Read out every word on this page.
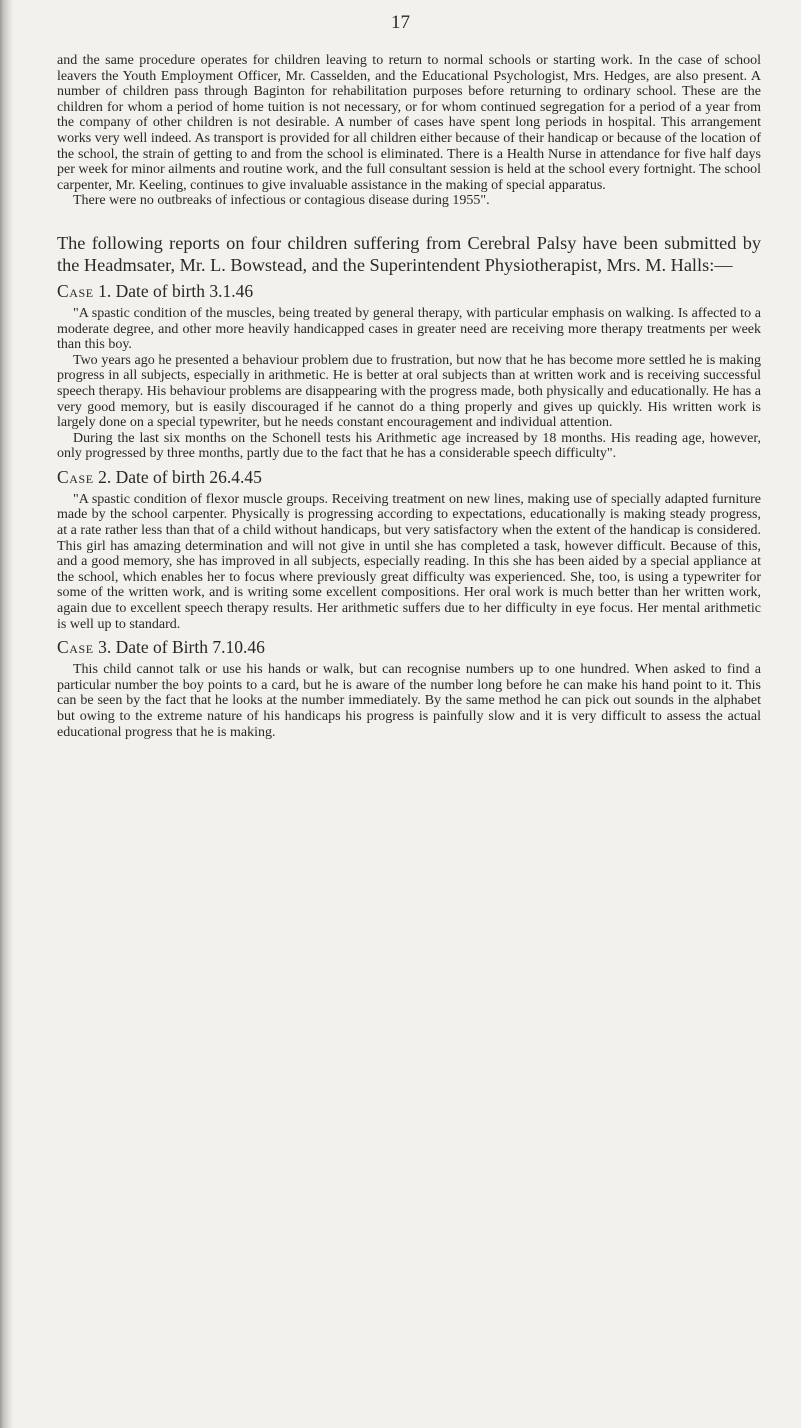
17

and the same procedure operates for children leaving to return to normal schools or starting work. In the case of school leavers the Youth Employment Officer, Mr. Casselden, and the Educational Psychologist, Mrs. Hedges, are also present. A number of children pass through Baginton for rehabilitation purposes before returning to ordinary school. These are the children for whom a period of home tuition is not necessary, or for whom continued segregation for a period of a year from the company of other children is not desirable. A number of cases have spent long periods in hospital. This arrangement works very well indeed. As transport is provided for all children either because of their handicap or because of the location of the school, the strain of getting to and from the school is eliminated. There is a Health Nurse in attendance for five half days per week for minor ailments and routine work, and the full consultant session is held at the school every fortnight. The school carpenter, Mr. Keeling, continues to give invaluable assistance in the making of special apparatus.

There were no outbreaks of infectious or contagious disease during 1955".

The following reports on four children suffering from Cerebral Palsy have been submitted by the Headmsater, Mr. L. Bowstead, and the Superintendent Physiotherapist, Mrs. M. Halls:—

Case 1. Date of birth 3.1.46

"A spastic condition of the muscles, being treated by general therapy, with particular emphasis on walking. Is affected to a moderate degree, and other more heavily handicapped cases in greater need are receiving more therapy treatments per week than this boy.

Two years ago he presented a behaviour problem due to frustration, but now that he has become more settled he is making progress in all subjects, especially in arithmetic. He is better at oral subjects than at written work and is receiving successful speech therapy. His behaviour problems are disappearing with the progress made, both physically and educationally. He has a very good memory, but is easily discouraged if he cannot do a thing properly and gives up quickly. His written work is largely done on a special typewriter, but he needs constant encouragement and individual attention.

During the last six months on the Schonell tests his Arithmetic age increased by 18 months. His reading age, however, only progressed by three months, partly due to the fact that he has a considerable speech difficulty".

Case 2. Date of birth 26.4.45

"A spastic condition of flexor muscle groups. Receiving treatment on new lines, making use of specially adapted furniture made by the school carpenter. Physically is progressing according to expectations, educationally is making steady progress, at a rate rather less than that of a child without handicaps, but very satisfactory when the extent of the handicap is considered. This girl has amazing determination and will not give in until she has completed a task, however difficult. Because of this, and a good memory, she has improved in all subjects, especially reading. In this she has been aided by a special appliance at the school, which enables her to focus where previously great difficulty was experienced. She, too, is using a typewriter for some of the written work, and is writing some excellent compositions. Her oral work is much better than her written work, again due to excellent speech therapy results. Her arithmetic suffers due to her difficulty in eye focus. Her mental arithmetic is well up to standard.

Case 3. Date of Birth 7.10.46

This child cannot talk or use his hands or walk, but can recognise numbers up to one hundred. When asked to find a particular number the boy points to a card, but he is aware of the number long before he can make his hand point to it. This can be seen by the fact that he looks at the number immediately. By the same method he can pick out sounds in the alphabet but owing to the extreme nature of his handicaps his progress is painfully slow and it is very difficult to assess the actual educational progress that he is making.
